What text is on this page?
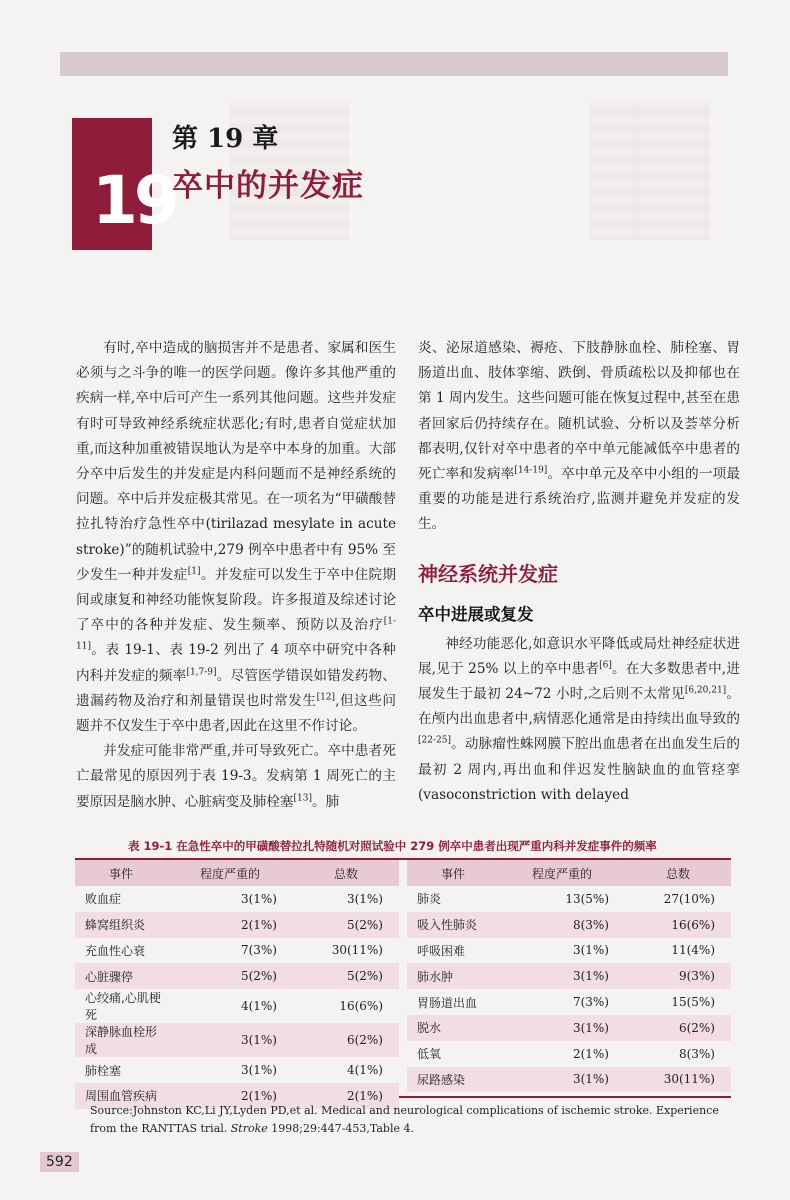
19
第 19 章
卒中的并发症

有时,卒中造成的脑损害并不是患者、家属和医生必须与之斗争的唯一的医学问题。像许多其他严重的疾病一样,卒中后可产生一系列其他问题。这些并发症有时可导致神经系统症状恶化;有时,患者自觉症状加重,而这种加重被错误地认为是卒中本身的加重。大部分卒中后发生的并发症是内科问题而不是神经系统的问题。卒中后并发症极其常见。在一项名为“甲磺酸替拉扎特治疗急性卒中(tirilazad mesylate in acute stroke)”的随机试验中,279 例卒中患者中有 95% 至少发生一种并发症[1]。并发症可以发生于卒中住院期间或康复和神经功能恢复阶段。许多报道及综述讨论了卒中的各种并发症、发生频率、预防以及治疗[1-11]。表 19-1、表 19-2 列出了 4 项卒中研究中各种内科并发症的频率[1,7-9]。尽管医学错误如错发药物、遗漏药物及治疗和剂量错误也时常发生[12],但这些问题并不仅发生于卒中患者,因此在这里不作讨论。

并发症可能非常严重,并可导致死亡。卒中患者死亡最常见的原因列于表 19-3。发病第 1 周死亡的主要原因是脑水肿、心脏病变及肺栓塞[13]。肺

炎、泌尿道感染、褥疮、下肢静脉血栓、肺栓塞、胃肠道出血、肢体挛缩、跌倒、骨质疏松以及抑郁也在第 1 周内发生。这些问题可能在恢复过程中,甚至在患者回家后仍持续存在。随机试验、分析以及荟萃分析都表明,仅针对卒中患者的卒中单元能减低卒中患者的死亡率和发病率[14-19]。卒中单元及卒中小组的一项最重要的功能是进行系统治疗,监测并避免并发症的发生。

神经系统并发症
卒中进展或复发

神经功能恶化,如意识水平降低或局灶神经症状进展,见于 25% 以上的卒中患者[6]。在大多数患者中,进展发生于最初 24~72 小时,之后则不太常见[6,20,21]。在颅内出血患者中,病情恶化通常是由持续出血导致的[22-25]。动脉瘤性蛛网膜下腔出血患者在出血发生后的最初 2 周内,再出血和伴迟发性脑缺血的血管痉挛(vasoconstriction with delayed

表 19-1 在急性卒中的甲磺酸替拉扎特随机对照试验中 279 例卒中患者出现严重内科并发症事件的频率
事件	程度严重的	总数
败血症	3(1%)	3(1%)
蜂窝组织炎	2(1%)	5(2%)
充血性心衰	7(3%)	30(11%)
心脏骤停	5(2%)	5(2%)
心绞痛,心肌梗死	4(1%)	16(6%)
深静脉血栓形成	3(1%)	6(2%)
肺栓塞	3(1%)	4(1%)
周围血管疾病	2(1%)	2(1%)
事件	程度严重的	总数
肺炎	13(5%)	27(10%)
吸入性肺炎	8(3%)	16(6%)
呼吸困难	3(1%)	11(4%)
肺水肿	3(1%)	9(3%)
胃肠道出血	7(3%)	15(5%)
脱水	3(1%)	6(2%)
低氧	2(1%)	8(3%)
尿路感染	3(1%)	30(11%)
Source:Johnston KC,Li JY,Lyden PD,et al. Medical and neurological complications of ischemic stroke. Experience from the RANTTAS trial. Stroke 1998;29:447-453,Table 4.
592
